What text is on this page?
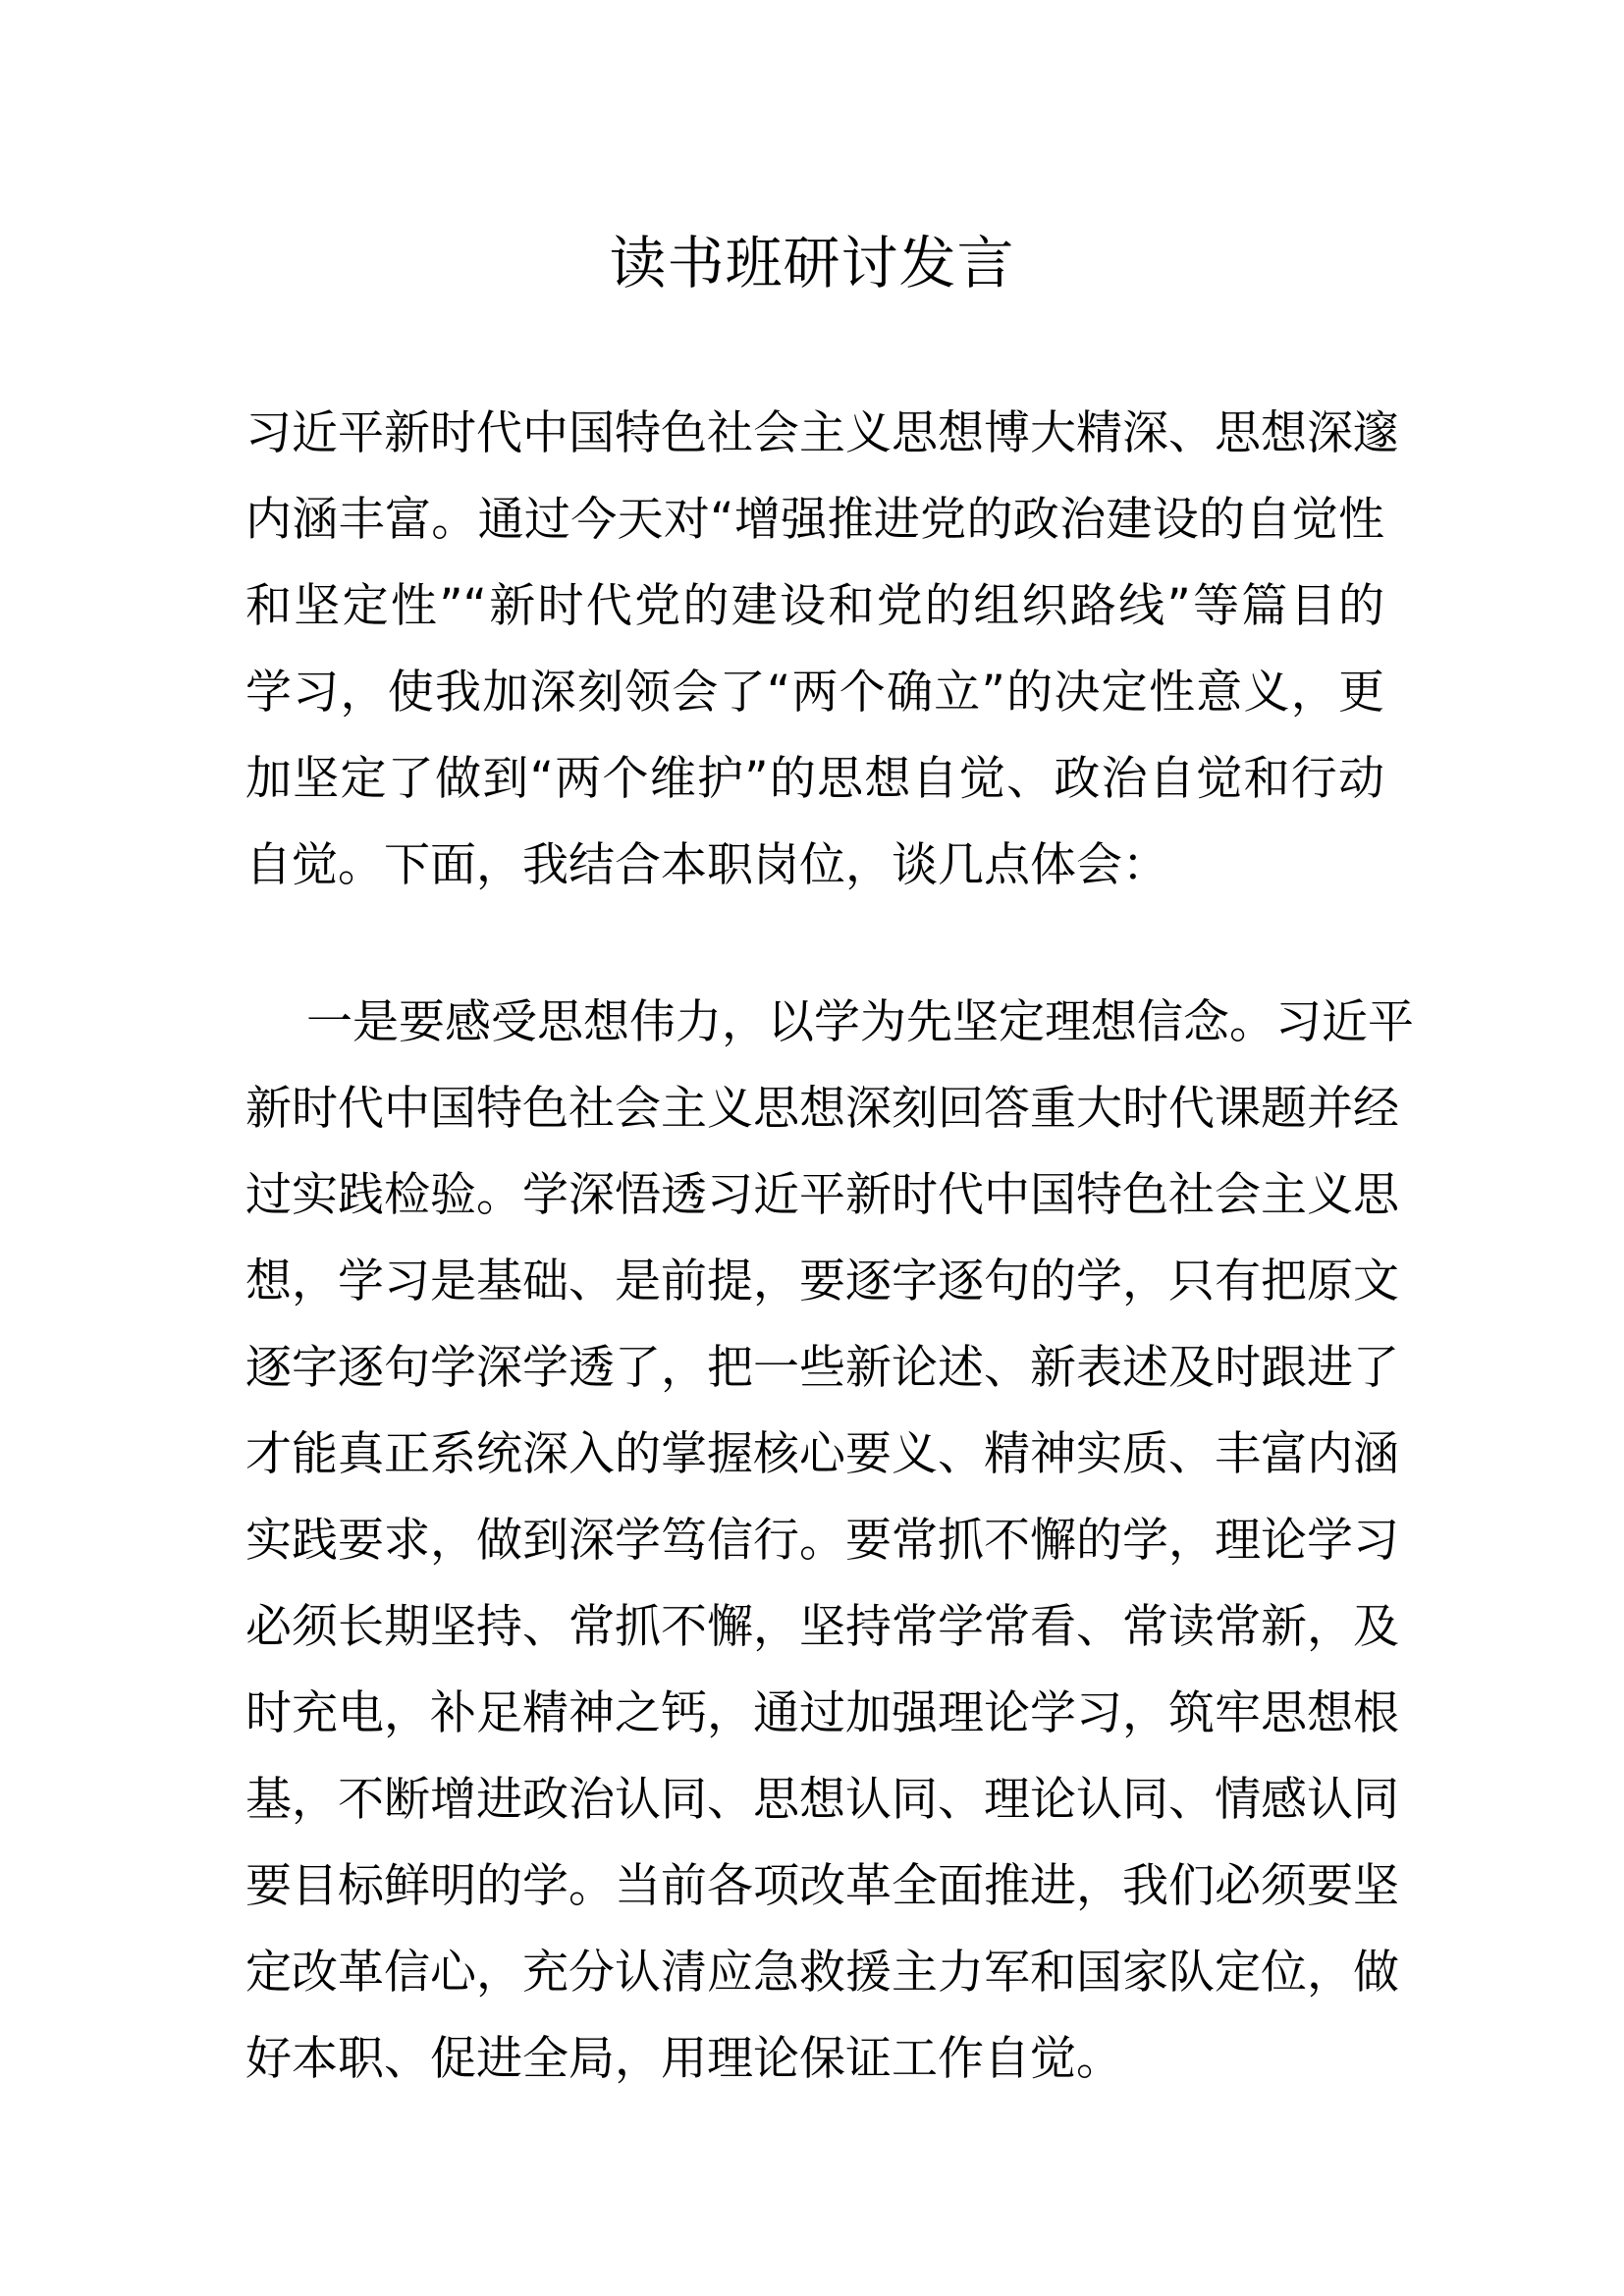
读书班研讨发言
习近平新时代中国特色社会主义思想博大精深、思想深邃
内涵丰富。通过今天对“增强推进党的政治建设的自觉性
和坚定性”“新时代党的建设和党的组织路线”等篇目的
学习，使我加深刻领会了“两个确立”的决定性意义，更
加坚定了做到“两个维护”的思想自觉、政治自觉和行动
自觉。下面，我结合本职岗位，谈几点体会：
一是要感受思想伟力，以学为先坚定理想信念。习近平
新时代中国特色社会主义思想深刻回答重大时代课题并经
过实践检验。学深悟透习近平新时代中国特色社会主义思
想，学习是基础、是前提，要逐字逐句的学，只有把原文
逐字逐句学深学透了，把一些新论述、新表述及时跟进了
才能真正系统深入的掌握核心要义、精神实质、丰富内涵
实践要求，做到深学笃信行。要常抓不懈的学，理论学习
必须长期坚持、常抓不懈，坚持常学常看、常读常新，及
时充电，补足精神之钙，通过加强理论学习，筑牢思想根
基，不断增进政治认同、思想认同、理论认同、情感认同
要目标鲜明的学。当前各项改革全面推进，我们必须要坚
定改革信心，充分认清应急救援主力军和国家队定位，做
好本职、促进全局，用理论保证工作自觉。
